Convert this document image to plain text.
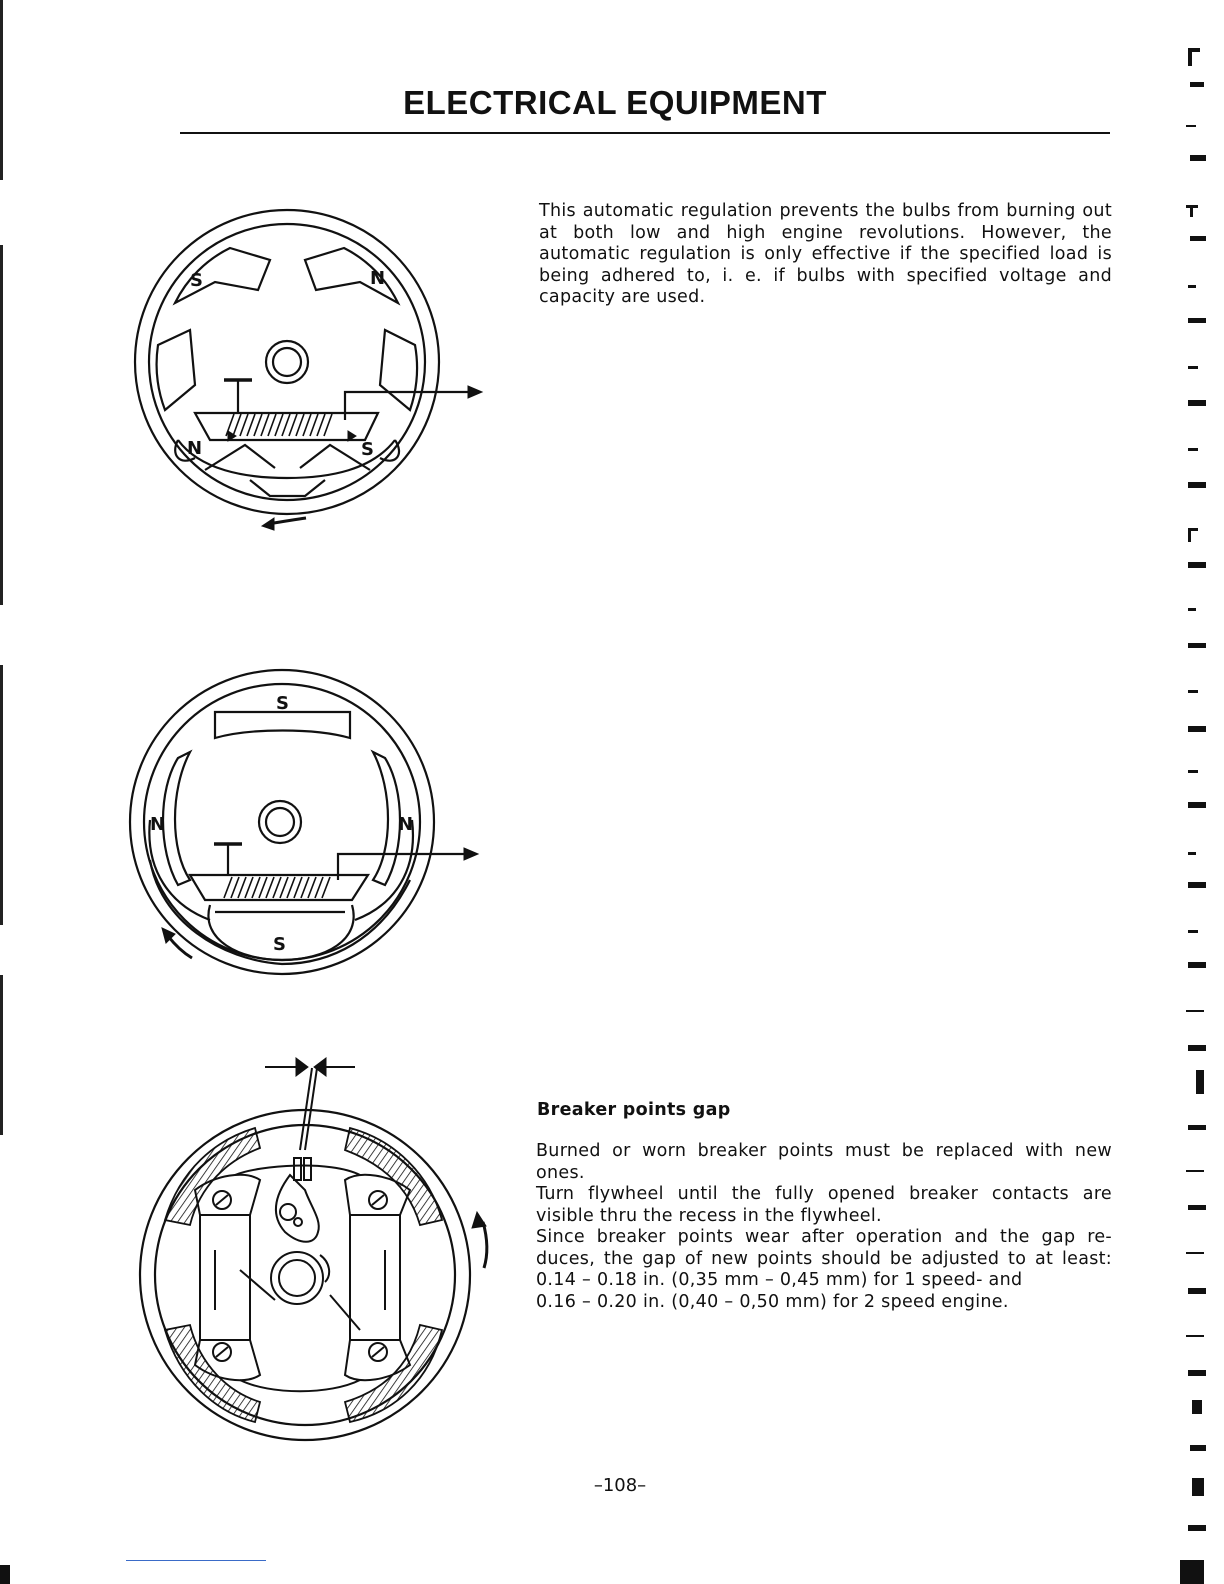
ELECTRICAL EQUIPMENT
This automatic regulation prevents the bulbs from burning out at both low and high engine revolutions. However, the automatic regulation is only effective if the specified load is being adhered to, i. e. if bulbs with specified voltage and capacity are used.
Breaker points gap
Burned or worn breaker points must be replaced with new
ones.
Turn flywheel until the fully opened breaker contacts are
visible thru the recess in the flywheel.
Since breaker points wear after operation and the gap re-
duces, the gap of new points should be adjusted to at least:
0.14 – 0.18 in. (0,35 mm – 0,45 mm) for 1 speed- and
0.16 – 0.20 in. (0,40 – 0,50 mm) for 2 speed engine.
S	N
N	S
S
N	N
S
–108–
